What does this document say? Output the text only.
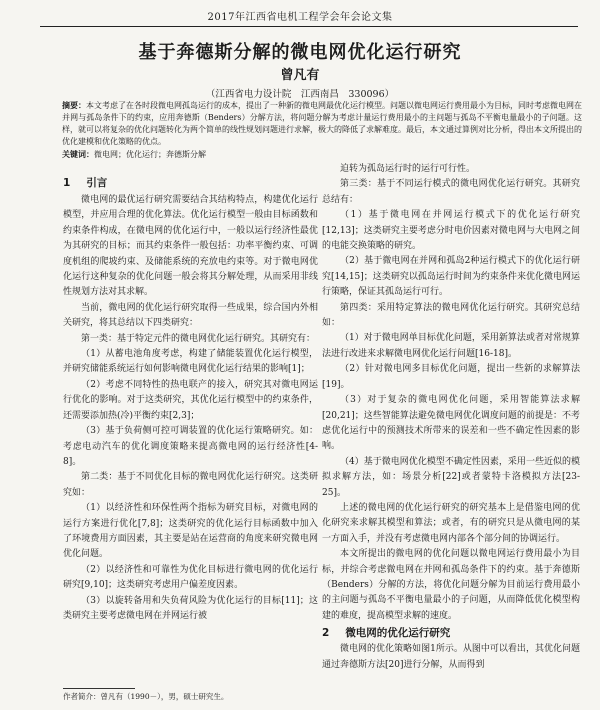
2017年江西省电机工程学会年会论文集
基于奔德斯分解的微电网优化运行研究
曾凡有
（江西省电力设计院　江西南昌　330096）
摘要：本文考虑了在各时段微电网孤岛运行的成本，提出了一种新的微电网最优化运行模型。问题以微电网运行费用最小为目标，同时考虑微电网在并网与孤岛条件下的约束，应用奔德斯（Benders）分解方法，将问题分解为考虑计量运行费用最小的主问题与孤岛不平衡电量最小的子问题。这样，就可以将复杂的优化问题转化为两个简单的线性规划问题进行求解，极大的降低了求解难度。最后，本文通过算例对比分析，得出本文所提出的优化建模和优化策略的优点。
关键词：微电网；优化运行；奔德斯分解
1 引言

微电网的最优运行研究需要结合其结构特点，构建优化运行模型，并应用合理的优化算法。优化运行模型一般由目标函数和约束条件构成，在微电网的优化运行中，一般以运行经济性最优为其研究的目标；而其约束条件一般包括：功率平衡约束、可调度机组的爬坡约束、及储能系统的充放电约束等。对于微电网优化运行这种复杂的优化问题一般会将其分解处理，从而采用非线性规划方法对其求解。

当前，微电网的优化运行研究取得一些成果，综合国内外相关研究，将其总结以下四类研究：

第一类：基于特定元件的微电网优化运行研究。其研究有：

（1）从蓄电池角度考虑，构建了储能装置优化运行模型，并研究储能系统运行如何影响微电网优化运行结果的影响[1]；

（2）考虑不同特性的热电联产的接入，研究其对微电网运行优化的影响。对于这类研究，其优化运行模型中的约束条件，还需要添加热(冷)平衡约束[2,3]；

（3）基于负荷侧可控可调装置的优化运行策略研究。如：考虑电动汽车的优化调度策略来提高微电网的运行经济性[4-8]。

第二类：基于不同优化目标的微电网优化运行研究。这类研究如：

（1）以经济性和环保性两个指标为研究目标，对微电网的运行方案进行优化[7,8]；这类研究的优化运行目标函数中加入了环境费用方面因素，其主要是站在运营商的角度来研究微电网优化问题。

（2）以经济性和可靠性为优化目标进行微电网的优化运行研究[9,10]；这类研究考虑用户偏差度因素。

（3）以旋转备用和失负荷风险为优化运行的目标[11]；这类研究主要考虑微电网在并网运行被

迫转为孤岛运行时的运行可行性。

第三类：基于不同运行模式的微电网优化运行研究。其研究总结有：

（1）基于微电网在并网运行模式下的优化运行研究[12,13]；这类研究主要考虑分时电价因素对微电网与大电网之间的电能交换策略的研究。

（2）基于微电网在并网和孤岛2种运行模式下的优化运行研究[14,15]；这类研究以孤岛运行时间为约束条件来优化微电网运行策略，保证其孤岛运行可行。

第四类：采用特定算法的微电网优化运行研究。其研究总结如：

（1）对于微电网单目标优化问题，采用新算法或者对常规算法进行改进来求解微电网优化运行问题[16-18]。

（2）针对微电网多目标优化问题，提出一些新的求解算法[19]。

（3）对于复杂的微电网优化问题，采用智能算法求解[20,21]；这些智能算法避免微电网优化调度问题的前提是：不考虑优化运行中的预测技术所带来的误差和一些不确定性因素的影响。

（4）基于微电网优化模型不确定性因素，采用一些近似的模拟求解方法，如：场景分析[22]或者蒙特卡洛模拟方法[23-25]。

上述的微电网的优化运行研究的研究基本上是借鉴电网的优化研究来求解其模型和算法；或者，有的研究只是从微电网的某一方面入手，并没有考虑微电网内部各个部分间的协调运行。

本文所提出的微电网的优化问题以微电网运行费用最小为目标，并综合考虑微电网在并网和孤岛条件下的约束。基于奔德斯（Benders）分解的方法，将优化问题分解为目前运行费用最小的主问题与孤岛不平衡电量最小的子问题，从而降低优化模型构建的难度，提高模型求解的速度。

2 微电网的优化运行研究

微电网的优化策略如图1所示。从图中可以看出，其优化问题通过奔德斯方法[20]进行分解，从而得到

作者简介：曾凡有（1990－），男，硕士研究生。
